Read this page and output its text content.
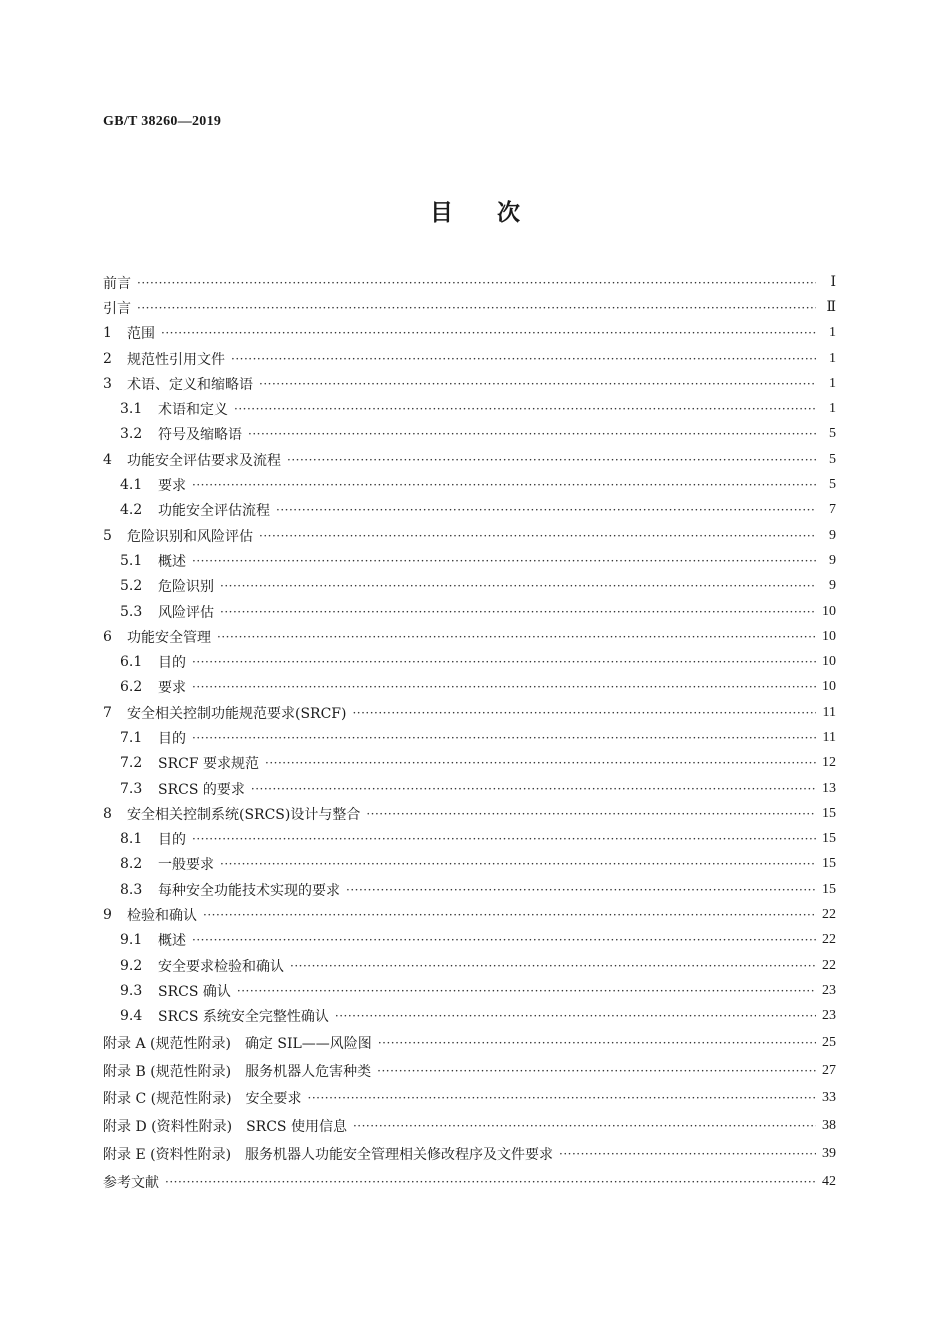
GB/T 38260—2019
目次
前言 ·····	Ⅰ
引言 ·····	Ⅱ
1	范围 ·····	1
2	规范性引用文件 ·····	1
3	术语、定义和缩略语 ·····	1
3.1	术语和定义 ·····	1
3.2	符号及缩略语 ·····	5
4	功能安全评估要求及流程 ·····	5
4.1	要求 ·····	5
4.2	功能安全评估流程 ·····	7
5	危险识别和风险评估 ·····	9
5.1	概述 ·····	9
5.2	危险识别 ·····	9
5.3	风险评估 ·····	10
6	功能安全管理 ·····	10
6.1	目的 ·····	10
6.2	要求 ·····	10
7	安全相关控制功能规范要求(SRCF) ·····	11
7.1	目的 ·····	11
7.2	SRCF 要求规范 ·····	12
7.3	SRCS 的要求 ·····	13
8	安全相关控制系统(SRCS)设计与整合 ·····	15
8.1	目的 ·····	15
8.2	一般要求 ·····	15
8.3	每种安全功能技术实现的要求 ·····	15
9	检验和确认 ·····	22
9.1	概述 ·····	22
9.2	安全要求检验和确认 ·····	22
9.3	SRCS 确认 ·····	23
9.4	SRCS 系统安全完整性确认 ·····	23
附录 A (规范性附录) 确定 SIL——风险图 ·····	25
附录 B (规范性附录) 服务机器人危害种类 ·····	27
附录 C (规范性附录) 安全要求 ·····	33
附录 D (资料性附录) SRCS 使用信息 ·····	38
附录 E (资料性附录) 服务机器人功能安全管理相关修改程序及文件要求 ·····	39
参考文献 ·····	42
